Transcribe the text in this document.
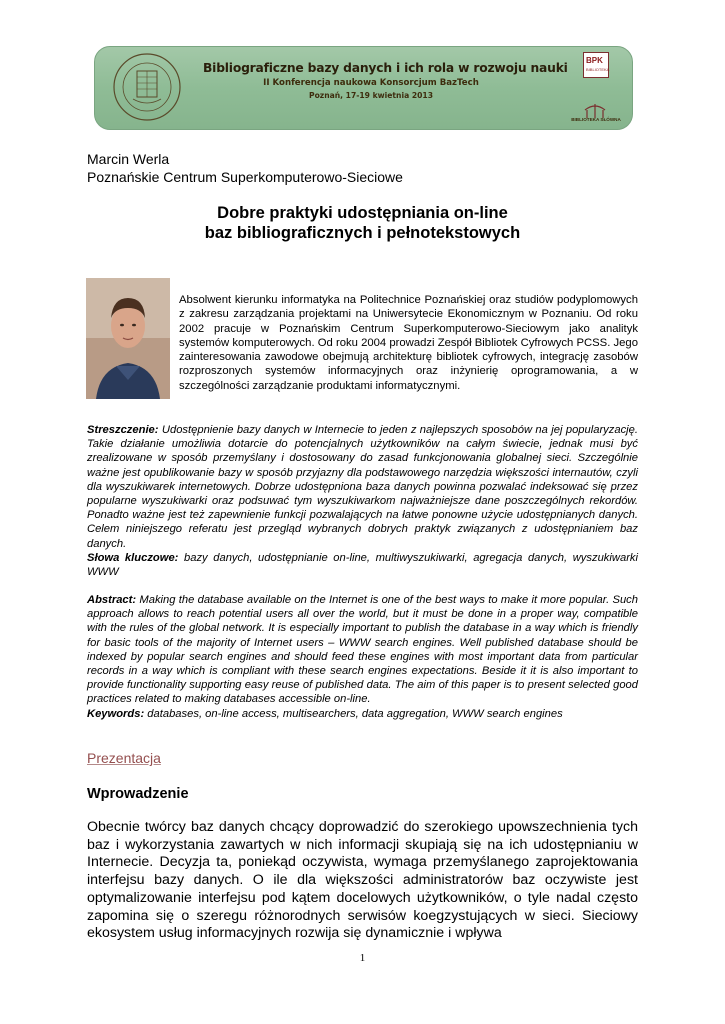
Bibliograficzne bazy danych i ich rola w rozwoju nauki
II Konferencja naukowa Konsorcjum BazTech
Poznań, 17-19 kwietnia 2013
BPK
BIBLIOTEKA
BIBLIOTEKA SŁÓWNA
Marcin Werla
Poznańskie Centrum Superkomputerowo-Sieciowe
Dobre praktyki udostępniania on-line
baz bibliograficznych i pełnotekstowych
Absolwent kierunku informatyka na Politechnice Poznańskiej oraz studiów podyplomowych z zakresu zarządzania projektami na Uniwersytecie Ekonomicznym w Poznaniu. Od roku 2002 pracuje w Poznańskim Centrum Superkomputerowo-Sieciowym jako analityk systemów komputerowych. Od roku 2004 prowadzi Zespół Bibliotek Cyfrowych PCSS. Jego zainteresowania zawodowe obejmują architekturę bibliotek cyfrowych, integrację zasobów rozproszonych systemów informacyjnych oraz inżynierię oprogramowania, a w szczególności zarządzanie produktami informatycznymi.
Streszczenie: Udostępnienie bazy danych w Internecie to jeden z najlepszych sposobów na jej popularyzację. Takie działanie umożliwia dotarcie do potencjalnych użytkowników na całym świecie, jednak musi być zrealizowane w sposób przemyślany i dostosowany do zasad funkcjonowania globalnej sieci. Szczególnie ważne jest opublikowanie bazy w sposób przyjazny dla podstawowego narzędzia większości internautów, czyli dla wyszukiwarek internetowych. Dobrze udostępniona baza danych powinna pozwalać indeksować się przez popularne wyszukiwarki oraz podsuwać tym wyszukiwarkom najważniejsze dane poszczególnych rekordów. Ponadto ważne jest też zapewnienie funkcji pozwalających na łatwe ponowne użycie udostępnianych danych. Celem niniejszego referatu jest przegląd wybranych dobrych praktyk związanych z udostępnianiem baz danych.
Słowa kluczowe: bazy danych, udostępnianie on-line, multiwyszukiwarki, agregacja danych, wyszukiwarki WWW
Abstract: Making the database available on the Internet is one of the best ways to make it more popular. Such approach allows to reach potential users all over the world, but it must be done in a proper way, compatible with the rules of the global network. It is especially important to publish the database in a way which is friendly for basic tools of the majority of Internet users – WWW search engines. Well published database should be indexed by popular search engines and should feed these engines with most important data from particular records in a way which is compliant with these search engines expectations. Beside it it is also important to provide functionality supporting easy reuse of published data. The aim of this paper is to present selected good practices related to making databases accessible on-line.
Keywords: databases, on-line access, multisearchers, data aggregation, WWW search engines
Prezentacja
Wprowadzenie
Obecnie twórcy baz danych chcący doprowadzić do szerokiego upowszechnienia tych baz i wykorzystania zawartych w nich informacji skupiają się na ich udostępnianiu w Internecie. Decyzja ta, poniekąd oczywista, wymaga przemyślanego zaprojektowania interfejsu bazy danych. O ile dla większości administratorów baz oczywiste jest optymalizowanie interfejsu pod kątem docelowych użytkowników, o tyle nadal często zapomina się o szeregu różnorodnych serwisów koegzystujących w sieci. Sieciowy ekosystem usług informacyjnych rozwija się dynamicznie i wpływa
1
